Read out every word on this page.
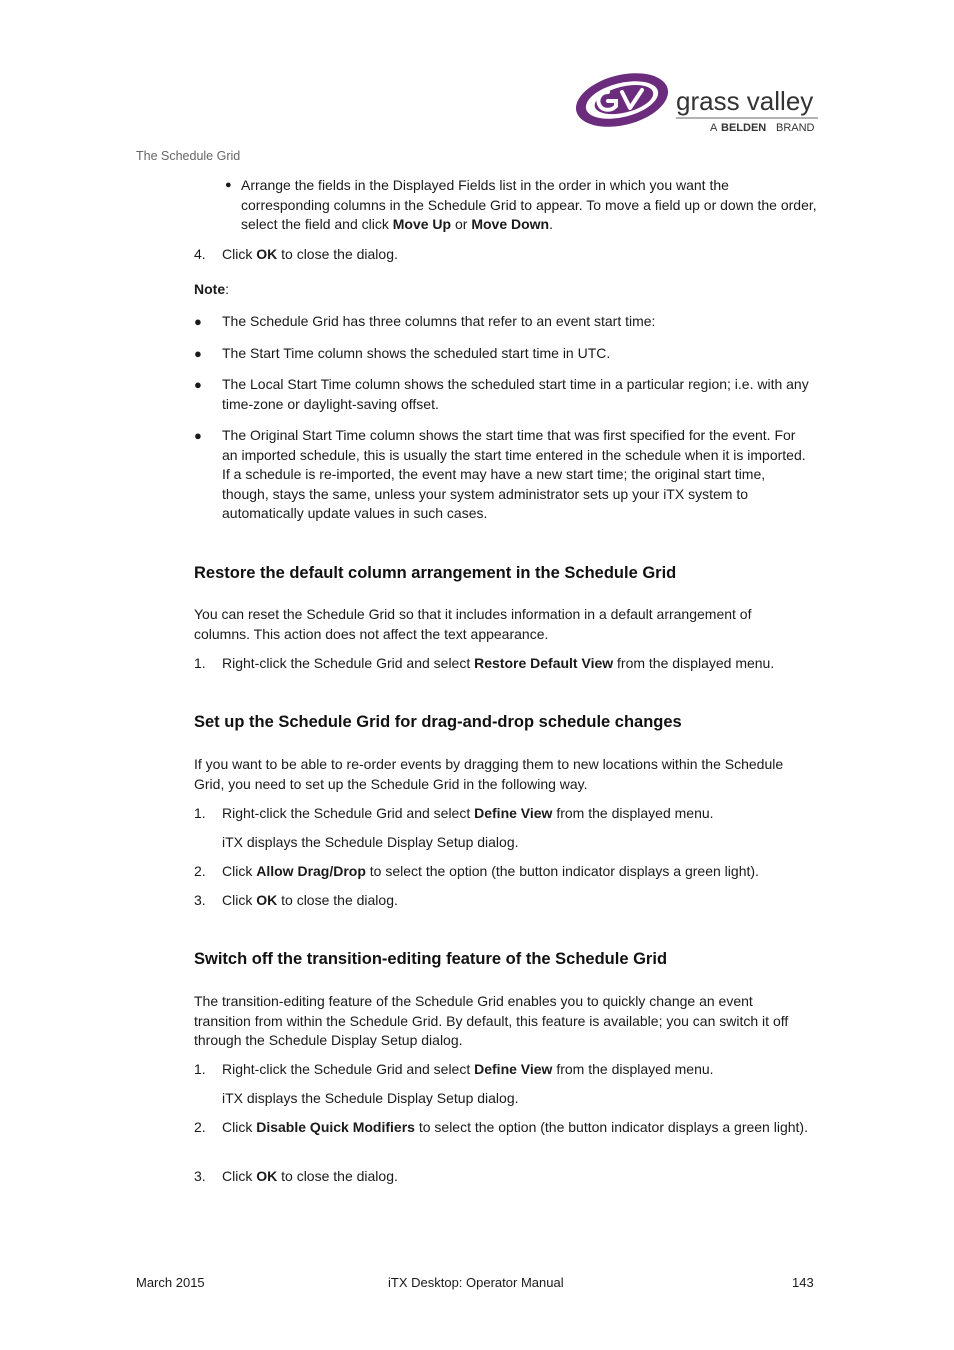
grass valley
A BELDEN BRAND
The Schedule Grid
● Arrange the fields in the Displayed Fields list in the order in which you want the corresponding columns in the Schedule Grid to appear. To move a field up or down the order, select the field and click Move Up or Move Down.

4. Click OK to close the dialog.

Note:

● The Schedule Grid has three columns that refer to an event start time:

● The Start Time column shows the scheduled start time in UTC.

● The Local Start Time column shows the scheduled start time in a particular region; i.e. with any time-zone or daylight-saving offset.

● The Original Start Time column shows the start time that was first specified for the event. For an imported schedule, this is usually the start time entered in the schedule when it is imported. If a schedule is re-imported, the event may have a new start time; the original start time, though, stays the same, unless your system administrator sets up your iTX system to automatically update values in such cases.

Restore the default column arrangement in the Schedule Grid

You can reset the Schedule Grid so that it includes information in a default arrangement of columns. This action does not affect the text appearance.

1. Right-click the Schedule Grid and select Restore Default View from the displayed menu.

Set up the Schedule Grid for drag-and-drop schedule changes

If you want to be able to re-order events by dragging them to new locations within the Schedule Grid, you need to set up the Schedule Grid in the following way.

1. Right-click the Schedule Grid and select Define View from the displayed menu.

iTX displays the Schedule Display Setup dialog.

2. Click Allow Drag/Drop to select the option (the button indicator displays a green light).

3. Click OK to close the dialog.

Switch off the transition-editing feature of the Schedule Grid

The transition-editing feature of the Schedule Grid enables you to quickly change an event transition from within the Schedule Grid. By default, this feature is available; you can switch it off through the Schedule Display Setup dialog.

1. Right-click the Schedule Grid and select Define View from the displayed menu.

iTX displays the Schedule Display Setup dialog.

2. Click Disable Quick Modifiers to select the option (the button indicator displays a green light).

3. Click OK to close the dialog.

March 2015	iTX Desktop: Operator Manual	143
